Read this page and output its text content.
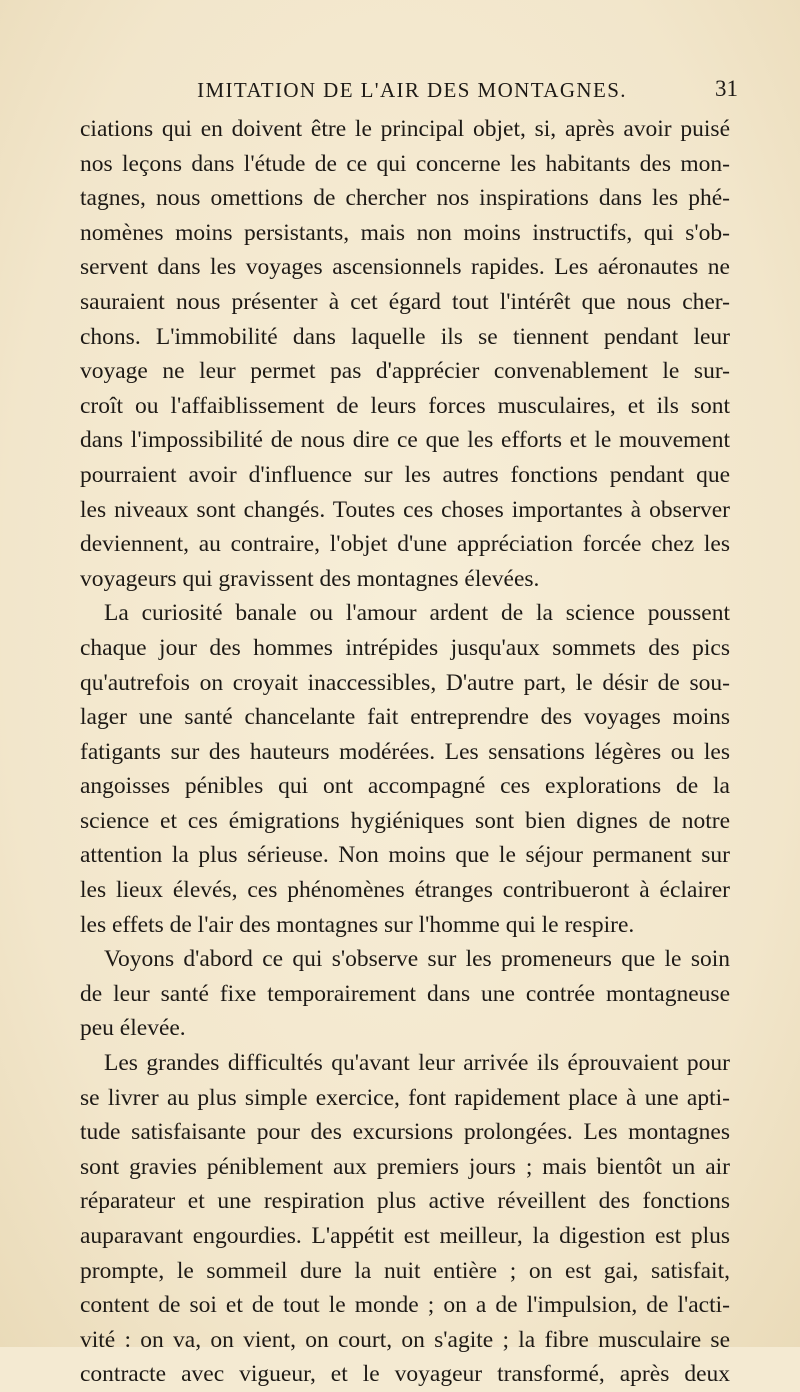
IMITATION DE L'AIR DES MONTAGNES.	31
ciations qui en doivent être le principal objet, si, après avoir puisé
nos leçons dans l'étude de ce qui concerne les habitants des mon-
tagnes, nous omettions de chercher nos inspirations dans les phé-
nomènes moins persistants, mais non moins instructifs, qui s'ob-
servent dans les voyages ascensionnels rapides. Les aéronautes ne
sauraient nous présenter à cet égard tout l'intérêt que nous cher-
chons. L'immobilité dans laquelle ils se tiennent pendant leur
voyage ne leur permet pas d'apprécier convenablement le sur-
croît ou l'affaiblissement de leurs forces musculaires, et ils sont
dans l'impossibilité de nous dire ce que les efforts et le mouvement
pourraient avoir d'influence sur les autres fonctions pendant que
les niveaux sont changés. Toutes ces choses importantes à observer
deviennent, au contraire, l'objet d'une appréciation forcée chez les
voyageurs qui gravissent des montagnes élevées.
La curiosité banale ou l'amour ardent de la science poussent
chaque jour des hommes intrépides jusqu'aux sommets des pics
qu'autrefois on croyait inaccessibles, D'autre part, le désir de sou-
lager une santé chancelante fait entreprendre des voyages moins
fatigants sur des hauteurs modérées. Les sensations légères ou les
angoisses pénibles qui ont accompagné ces explorations de la
science et ces émigrations hygiéniques sont bien dignes de notre
attention la plus sérieuse. Non moins que le séjour permanent sur
les lieux élevés, ces phénomènes étranges contribueront à éclairer
les effets de l'air des montagnes sur l'homme qui le respire.
Voyons d'abord ce qui s'observe sur les promeneurs que le soin
de leur santé fixe temporairement dans une contrée montagneuse
peu élevée.
Les grandes difficultés qu'avant leur arrivée ils éprouvaient pour
se livrer au plus simple exercice, font rapidement place à une apti-
tude satisfaisante pour des excursions prolongées. Les montagnes
sont gravies péniblement aux premiers jours ; mais bientôt un air
réparateur et une respiration plus active réveillent des fonctions
auparavant engourdies. L'appétit est meilleur, la digestion est plus
prompte, le sommeil dure la nuit entière ; on est gai, satisfait,
content de soi et de tout le monde ; on a de l'impulsion, de l'acti-
vité : on va, on vient, on court, on s'agite ; la fibre musculaire se
contracte avec vigueur, et le voyageur transformé, après deux
